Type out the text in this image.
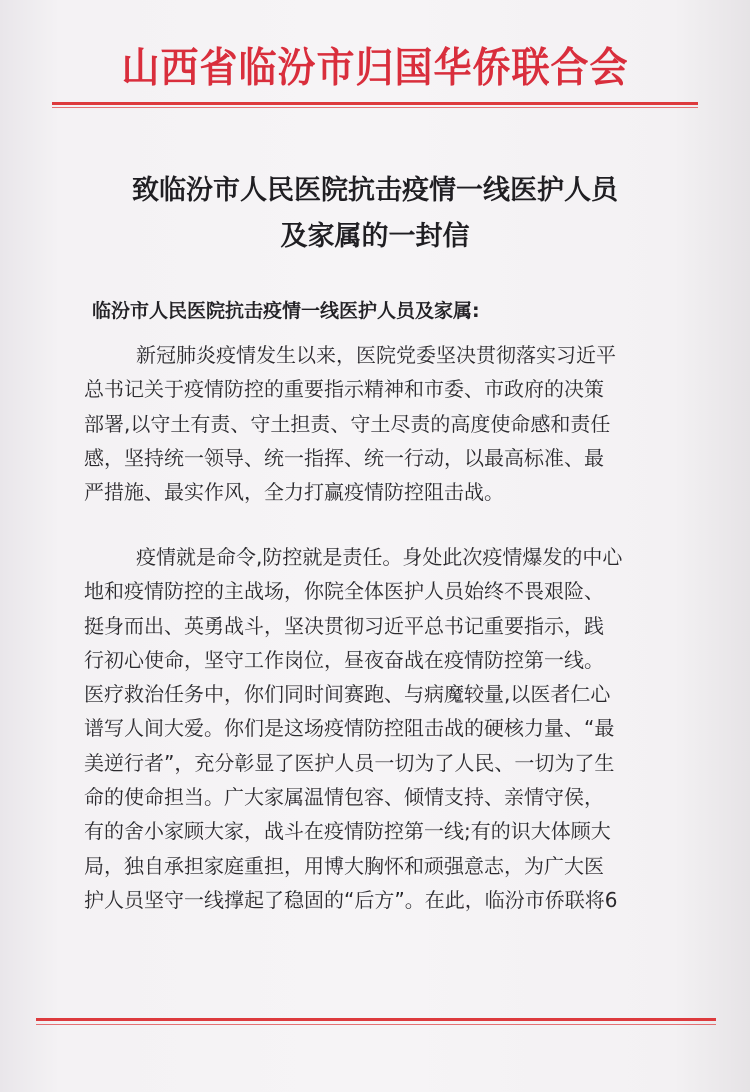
山西省临汾市归国华侨联合会
致临汾市人民医院抗击疫情一线医护人员
及家属的一封信
临汾市人民医院抗击疫情一线医护人员及家属:
新冠肺炎疫情发生以来，医院党委坚决贯彻落实习近平
总书记关于疫情防控的重要指示精神和市委、市政府的决策
部署,以守土有责、守土担责、守土尽责的高度使命感和责任
感，坚持统一领导、统一指挥、统一行动，以最高标准、最
严措施、最实作风，全力打赢疫情防控阻击战。
疫情就是命令,防控就是责任。身处此次疫情爆发的中心
地和疫情防控的主战场，你院全体医护人员始终不畏艰险、
挺身而出、英勇战斗，坚决贯彻习近平总书记重要指示，践
行初心使命，坚守工作岗位，昼夜奋战在疫情防控第一线。
医疗救治任务中，你们同时间赛跑、与病魔较量,以医者仁心
谱写人间大爱。你们是这场疫情防控阻击战的硬核力量、“最
美逆行者”，充分彰显了医护人员一切为了人民、一切为了生
命的使命担当。广大家属温情包容、倾情支持、亲情守侯，
有的舍小家顾大家，战斗在疫情防控第一线;有的识大体顾大
局，独自承担家庭重担，用博大胸怀和顽强意志，为广大医
护人员坚守一线撑起了稳固的“后方”。在此，临汾市侨联将6
